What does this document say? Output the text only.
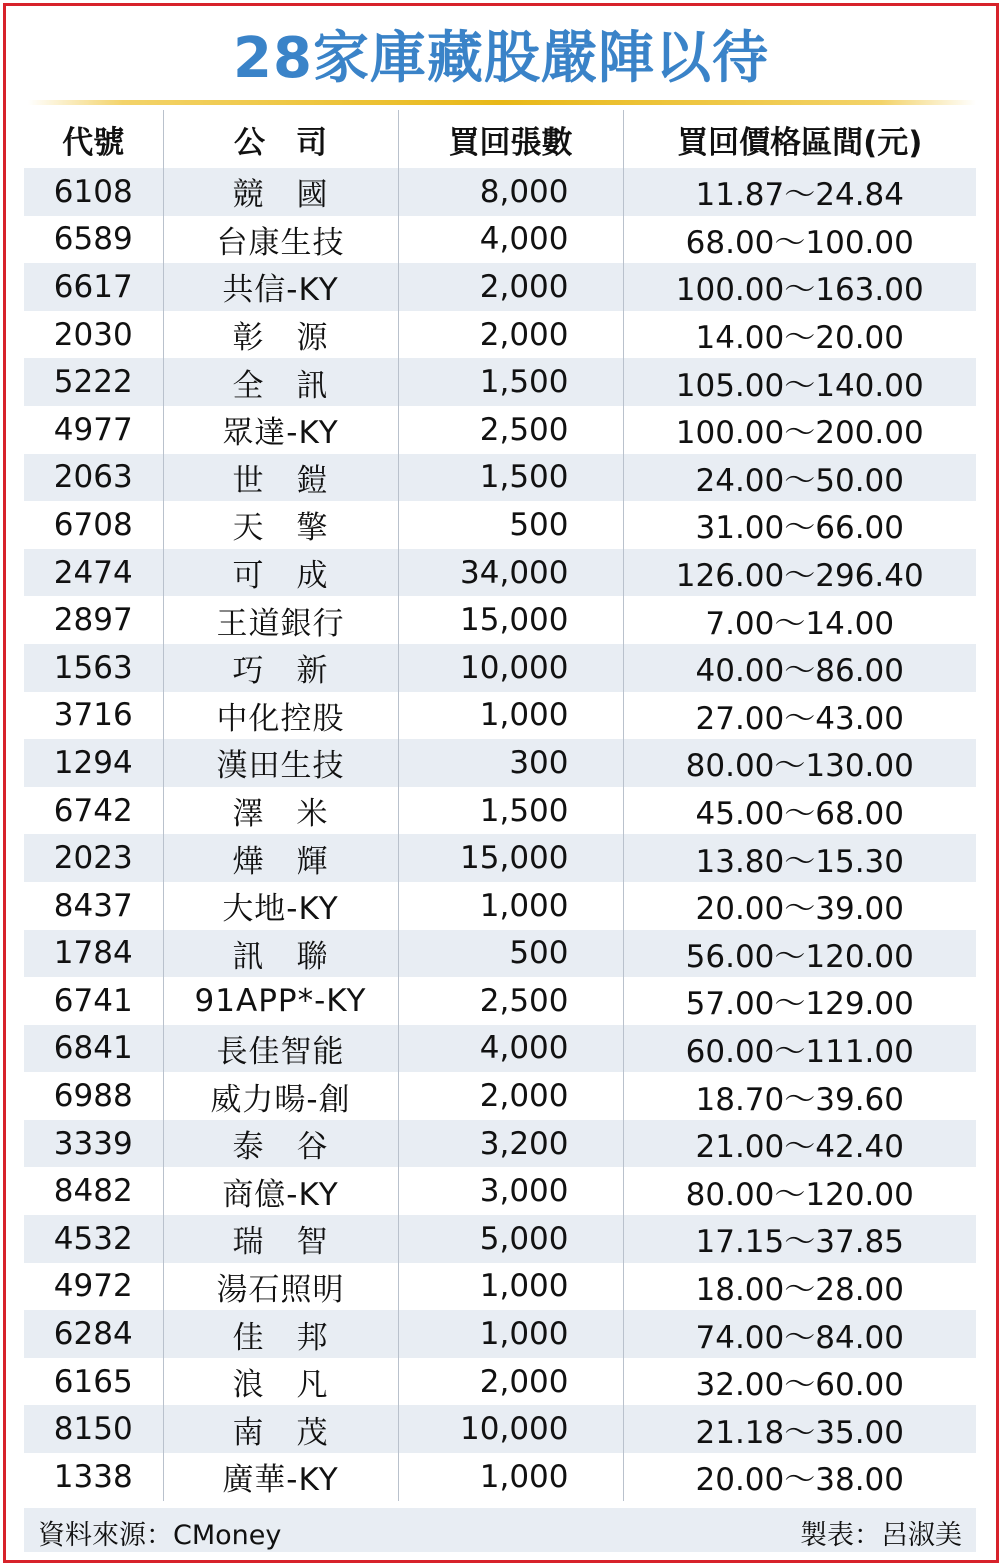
28家庫藏股嚴陣以待
代號	公　司	買回張數	買回價格區間(元)
6108	競　國	8,000	11.87～24.84
6589	台康生技	4,000	68.00～100.00
6617	共信-KY	2,000	100.00～163.00
2030	彰　源	2,000	14.00～20.00
5222	全　訊	1,500	105.00～140.00
4977	眾達-KY	2,500	100.00～200.00
2063	世　鎧	1,500	24.00～50.00
6708	天　擎	500	31.00～66.00
2474	可　成	34,000	126.00～296.40
2897	王道銀行	15,000	7.00～14.00
1563	巧　新	10,000	40.00～86.00
3716	中化控股	1,000	27.00～43.00
1294	漢田生技	300	80.00～130.00
6742	澤　米	1,500	45.00～68.00
2023	燁　輝	15,000	13.80～15.30
8437	大地-KY	1,000	20.00～39.00
1784	訊　聯	500	56.00～120.00
6741	91APP*-KY	2,500	57.00～129.00
6841	長佳智能	4,000	60.00～111.00
6988	威力暘-創	2,000	18.70～39.60
3339	泰　谷	3,200	21.00～42.40
8482	商億-KY	3,000	80.00～120.00
4532	瑞　智	5,000	17.15～37.85
4972	湯石照明	1,000	18.00～28.00
6284	佳　邦	1,000	74.00～84.00
6165	浪　凡	2,000	32.00～60.00
8150	南　茂	10,000	21.18～35.00
1338	廣華-KY	1,000	20.00～38.00
資料來源：CMoney	製表：呂淑美
